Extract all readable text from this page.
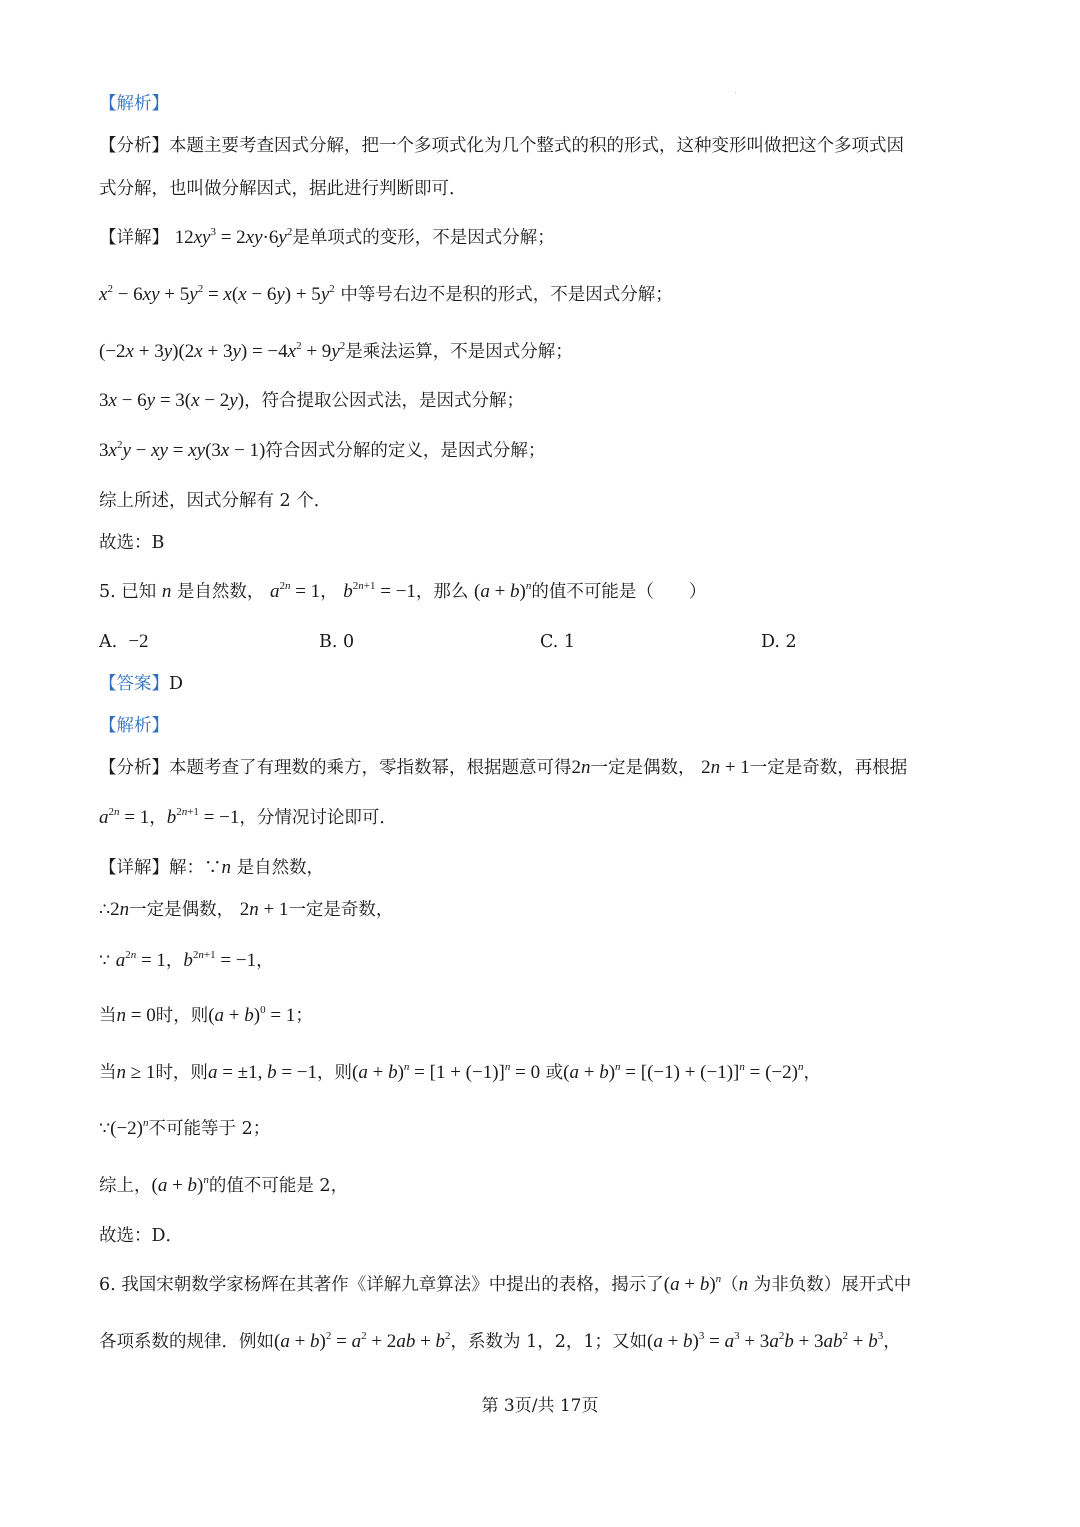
【解析】
【分析】本题主要考查因式分解，把一个多项式化为几个整式的积的形式，这种变形叫做把这个多项式因
式分解，也叫做分解因式，据此进行判断即可．
【详解】 $12xy^3 = 2xy\cdot 6y^2$是单项式的变形，不是因式分解；
$x^2 - 6xy + 5y^2 = x(x - 6y) + 5y^2$ 中等号右边不是积的形式，不是因式分解；
$(-2x + 3y)(2x + 3y) = -4x^2 + 9y^2$是乘法运算，不是因式分解；
3x − 6y = 3(x − 2y)，符合提取公因式法，是因式分解；
$3x^2y$ − xy = xy(3x − 1)符合因式分解的定义，是因式分解；
综上所述，因式分解有 2 个．
故选：B
5. 已知 n 是自然数， $a^{2n} = 1$， $b^{2n+1} = -1$，那么 $(a + b)^n$的值不可能是（　　）
A. −2	B. 0	C. 1	D. 2
【答案】D
【解析】
【分析】本题考查了有理数的乘方，零指数幂，根据题意可得2n一定是偶数， 2n + 1一定是奇数，再根据
$a^{2n} = 1$，$b^{2n+1} = -1$，分情况讨论即可．
【详解】解：∵n 是自然数，
∴2n一定是偶数， 2n + 1一定是奇数，
∵ $a^{2n} = 1$，$b^{2n+1} = -1$，
当n = 0时，则$(a + b)^0 = 1$；
当n ≥ 1时，则a = ±1, b = −1，则$(a + b)^n = [1 + (-1)]^n = 0$ 或$(a + b)^n = [(-1) + (-1)]^n = (-2)^n$，
$\because(-2)^n$不可能等于 2；
综上，$(a + b)^n$的值不可能是 2，
故选：D．
6. 我国宋朝数学家杨辉在其著作《详解九章算法》中提出的表格，揭示了$(a + b)^n(n$ 为非负数）展开式中
各项系数的规律．例如$(a + b)^2 = a^2 + 2ab + b^2$，系数为 1，2，1；又如$(a + b)^3 = a^3 + 3a^2b + 3ab^2 + b^3$，
第 3页/共 17页
